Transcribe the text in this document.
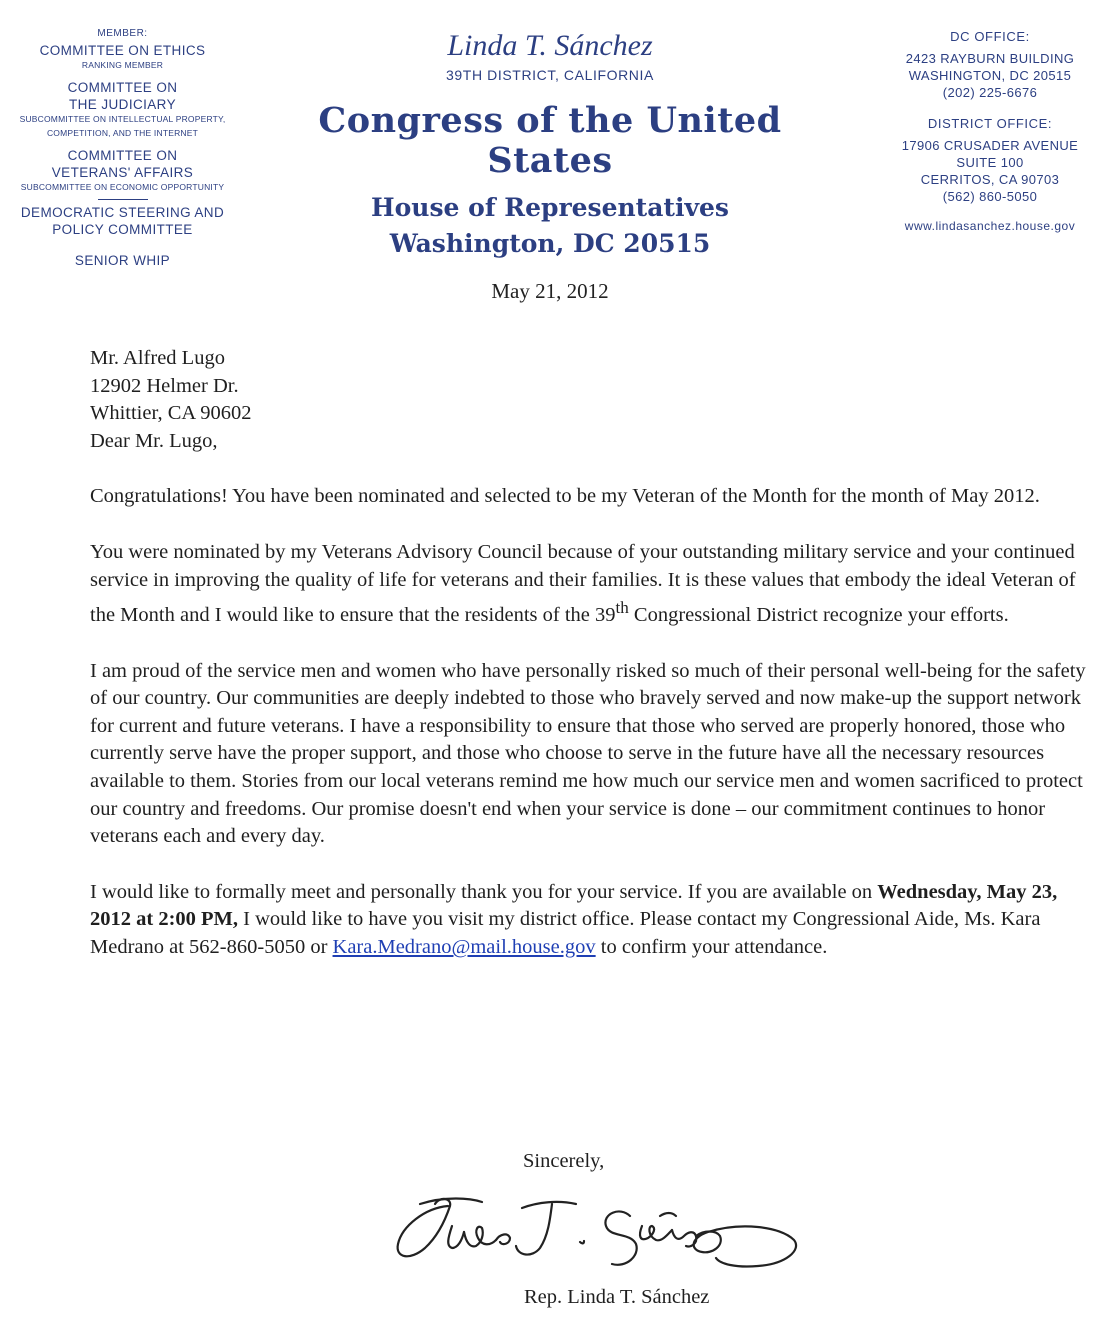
MEMBER:
COMMITTEE ON ETHICS
RANKING MEMBER
COMMITTEE ON
THE JUDICIARY
SUBCOMMITTEE ON INTELLECTUAL PROPERTY,
COMPETITION, AND THE INTERNET
COMMITTEE ON
VETERANS' AFFAIRS
SUBCOMMITTEE ON ECONOMIC OPPORTUNITY
DEMOCRATIC STEERING AND
POLICY COMMITTEE
SENIOR WHIP
Linda T. Sánchez
39TH DISTRICT, CALIFORNIA
Congress of the United States
House of Representatives
Washington, DC 20515
May 21, 2012
DC OFFICE:
2423 RAYBURN BUILDING
WASHINGTON, DC 20515
(202) 225-6676
DISTRICT OFFICE:
17906 CRUSADER AVENUE
SUITE 100
CERRITOS, CA 90703
(562) 860-5050
www.lindasanchez.house.gov
Mr. Alfred Lugo
12902 Helmer Dr.
Whittier, CA 90602

Dear Mr. Lugo,

Congratulations! You have been nominated and selected to be my Veteran of the Month for the month of May 2012.

You were nominated by my Veterans Advisory Council because of your outstanding military service and your continued service in improving the quality of life for veterans and their families. It is these values that embody the ideal Veteran of the Month and I would like to ensure that the residents of the 39th Congressional District recognize your efforts.

I am proud of the service men and women who have personally risked so much of their personal well-being for the safety of our country. Our communities are deeply indebted to those who bravely served and now make-up the support network for current and future veterans. I have a responsibility to ensure that those who served are properly honored, those who currently serve have the proper support, and those who choose to serve in the future have all the necessary resources available to them. Stories from our local veterans remind me how much our service men and women sacrificed to protect our country and freedoms. Our promise doesn't end when your service is done – our commitment continues to honor veterans each and every day.

I would like to formally meet and personally thank you for your service. If you are available on Wednesday, May 23, 2012 at 2:00 PM, I would like to have you visit my district office. Please contact my Congressional Aide, Ms. Kara Medrano at 562-860-5050 or Kara.Medrano@mail.house.gov to confirm your attendance.

Sincerely,
Rep. Linda T. Sánchez
